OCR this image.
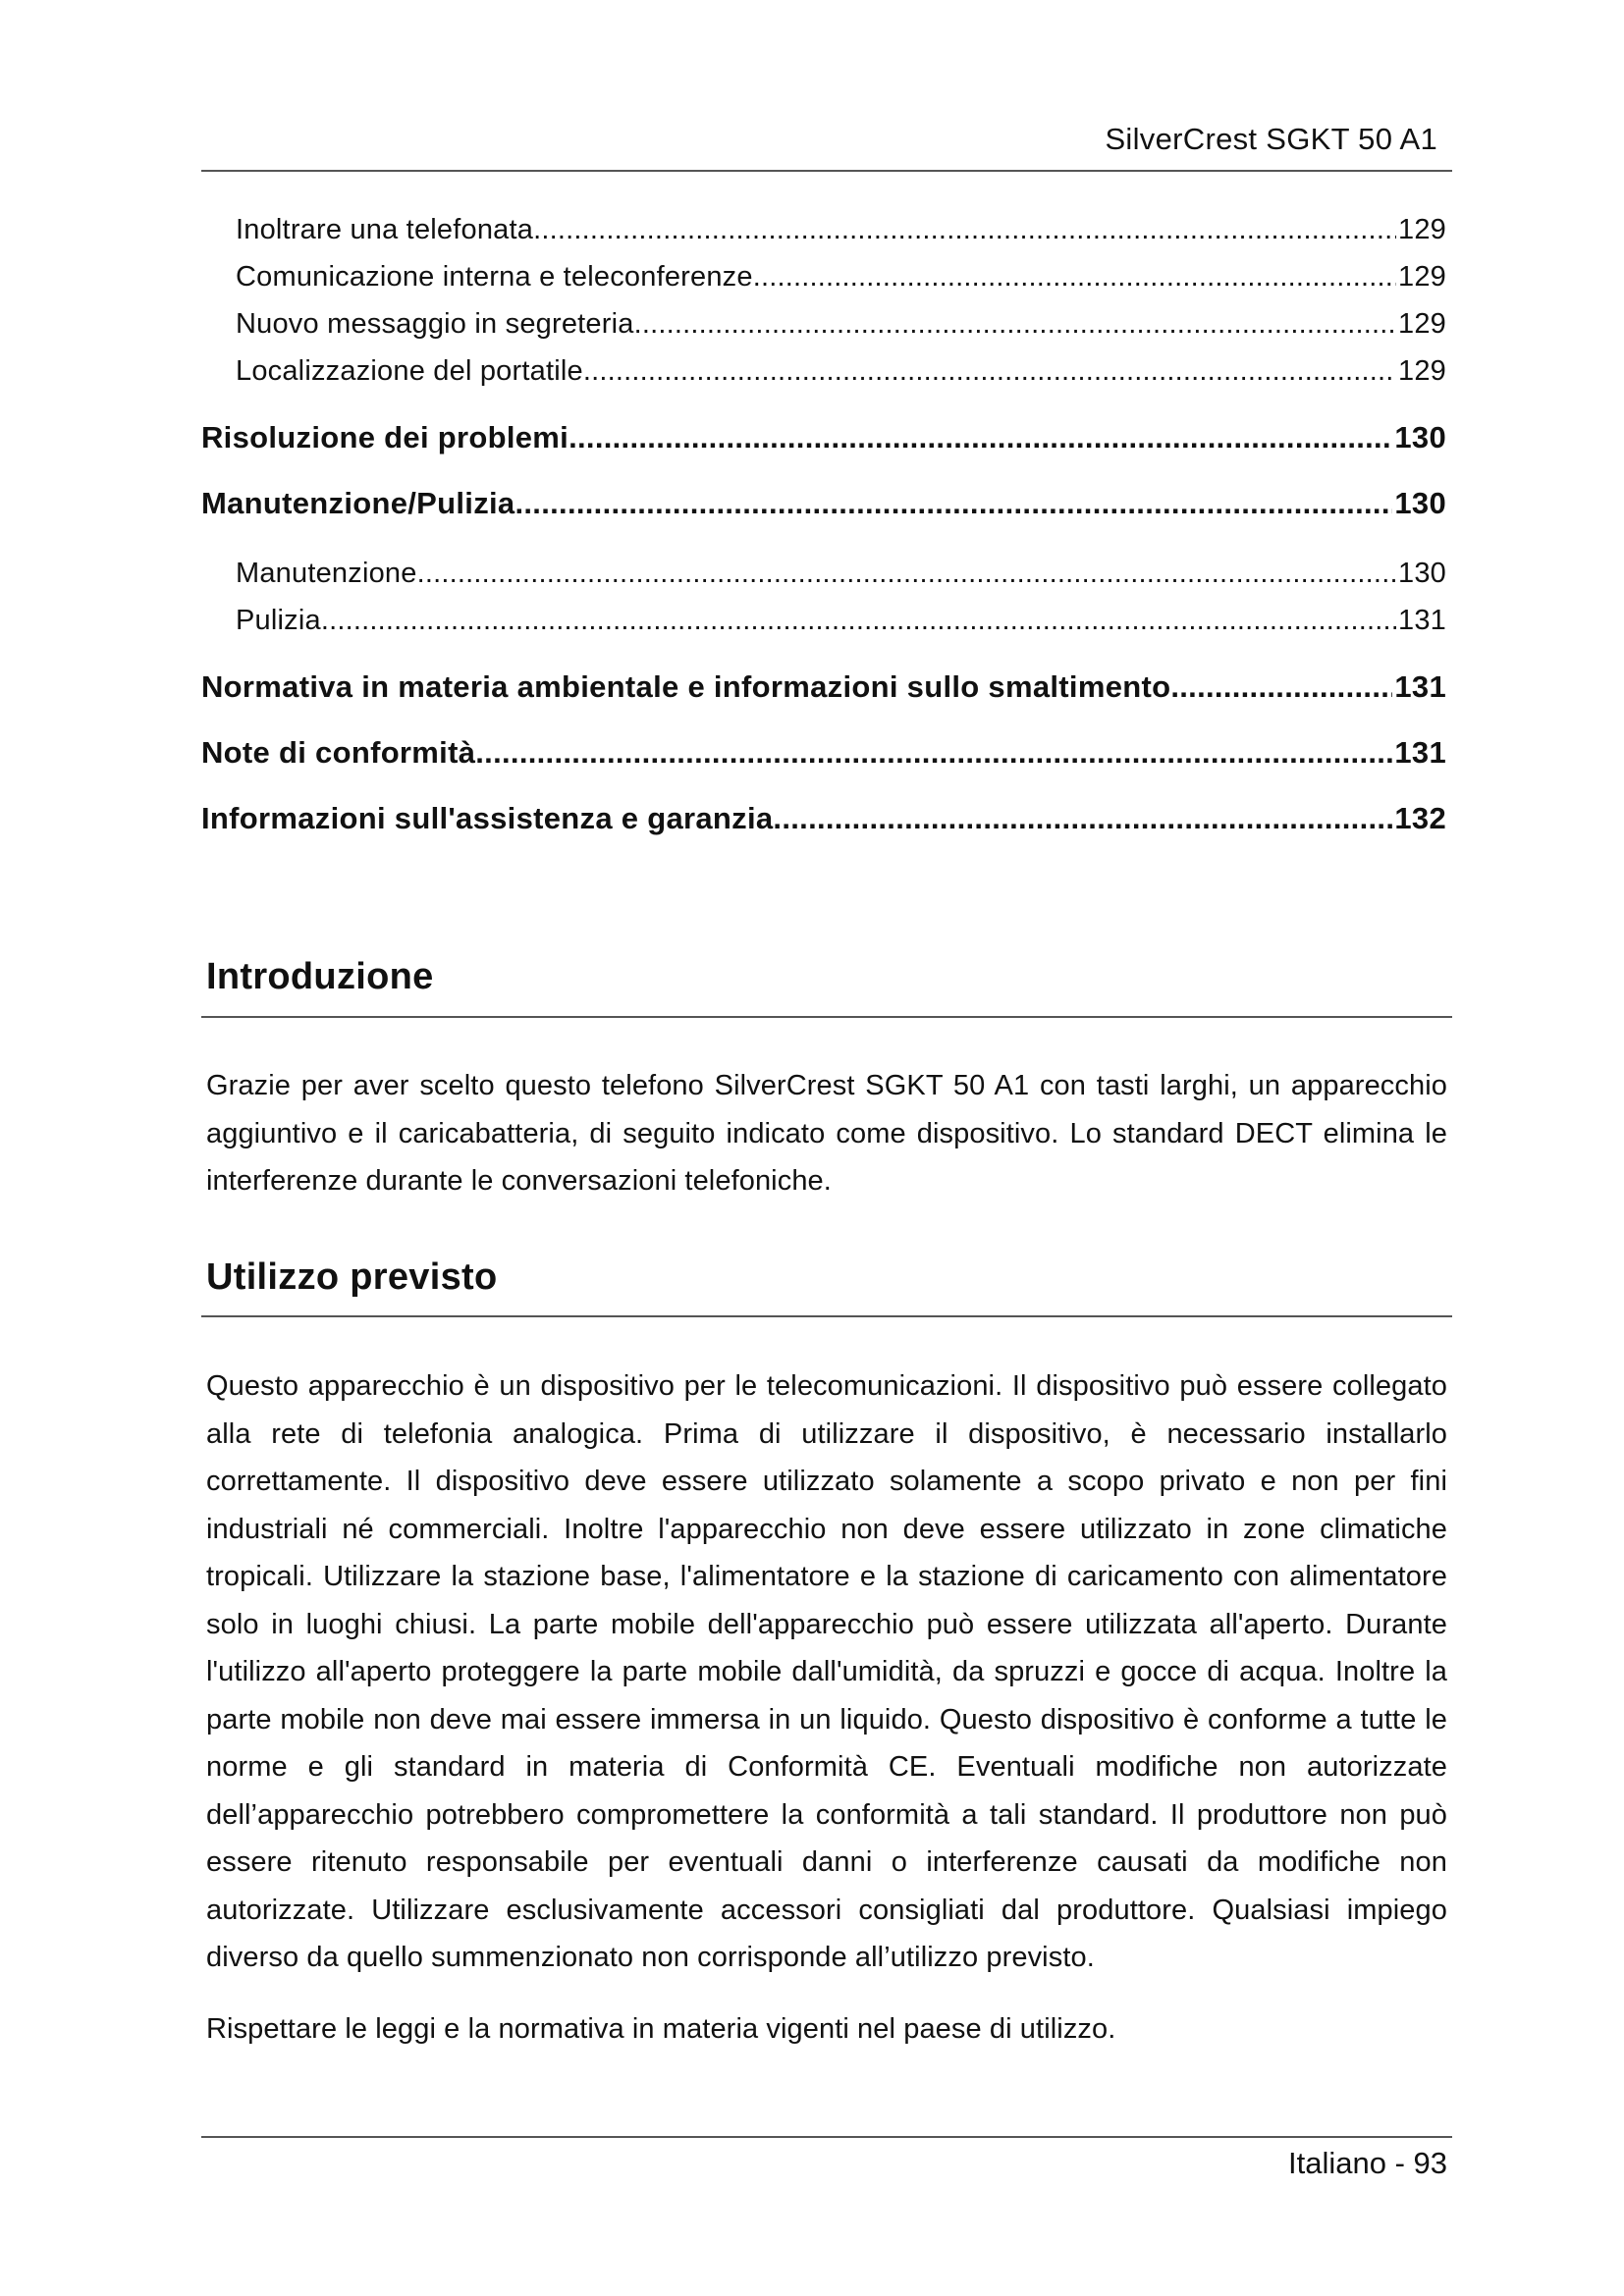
SilverCrest SGKT 50 A1
Inoltrare una telefonata .....	129
Comunicazione interna e teleconferenze .....	129
Nuovo messaggio in segreteria .....	129
Localizzazione del portatile .....	129
Risoluzione dei problemi .....	130
Manutenzione/Pulizia .....	130
Manutenzione .....	130
Pulizia .....	131
Normativa in materia ambientale e informazioni sullo smaltimento .....	131
Note di conformità .....	131
Informazioni sull'assistenza e garanzia .....	132
Introduzione

Grazie per aver scelto questo telefono SilverCrest SGKT 50 A1 con tasti larghi, un apparecchio aggiuntivo e il caricabatteria, di seguito indicato come dispositivo. Lo standard DECT elimina le interferenze durante le conversazioni telefoniche.

Utilizzo previsto

Questo apparecchio è un dispositivo per le telecomunicazioni. Il dispositivo può essere collegato alla rete di telefonia analogica. Prima di utilizzare il dispositivo, è necessario installarlo correttamente. Il dispositivo deve essere utilizzato solamente a scopo privato e non per fini industriali né commerciali. Inoltre l'apparecchio non deve essere utilizzato in zone climatiche tropicali. Utilizzare la stazione base, l'alimentatore e la stazione di caricamento con alimentatore solo in luoghi chiusi. La parte mobile dell'apparecchio può essere utilizzata all'aperto. Durante l'utilizzo all'aperto proteggere la parte mobile dall'umidità, da spruzzi e gocce di acqua. Inoltre la parte mobile non deve mai essere immersa in un liquido. Questo dispositivo è conforme a tutte le norme e gli standard in materia di Conformità CE. Eventuali modifiche non autorizzate dell’apparecchio potrebbero compromettere la conformità a tali standard. Il produttore non può essere ritenuto responsabile per eventuali danni o interferenze causati da modifiche non autorizzate. Utilizzare esclusivamente accessori consigliati dal produttore. Qualsiasi impiego diverso da quello summenzionato non corrisponde all’utilizzo previsto.

Rispettare le leggi e la normativa in materia vigenti nel paese di utilizzo.

Italiano - 93
